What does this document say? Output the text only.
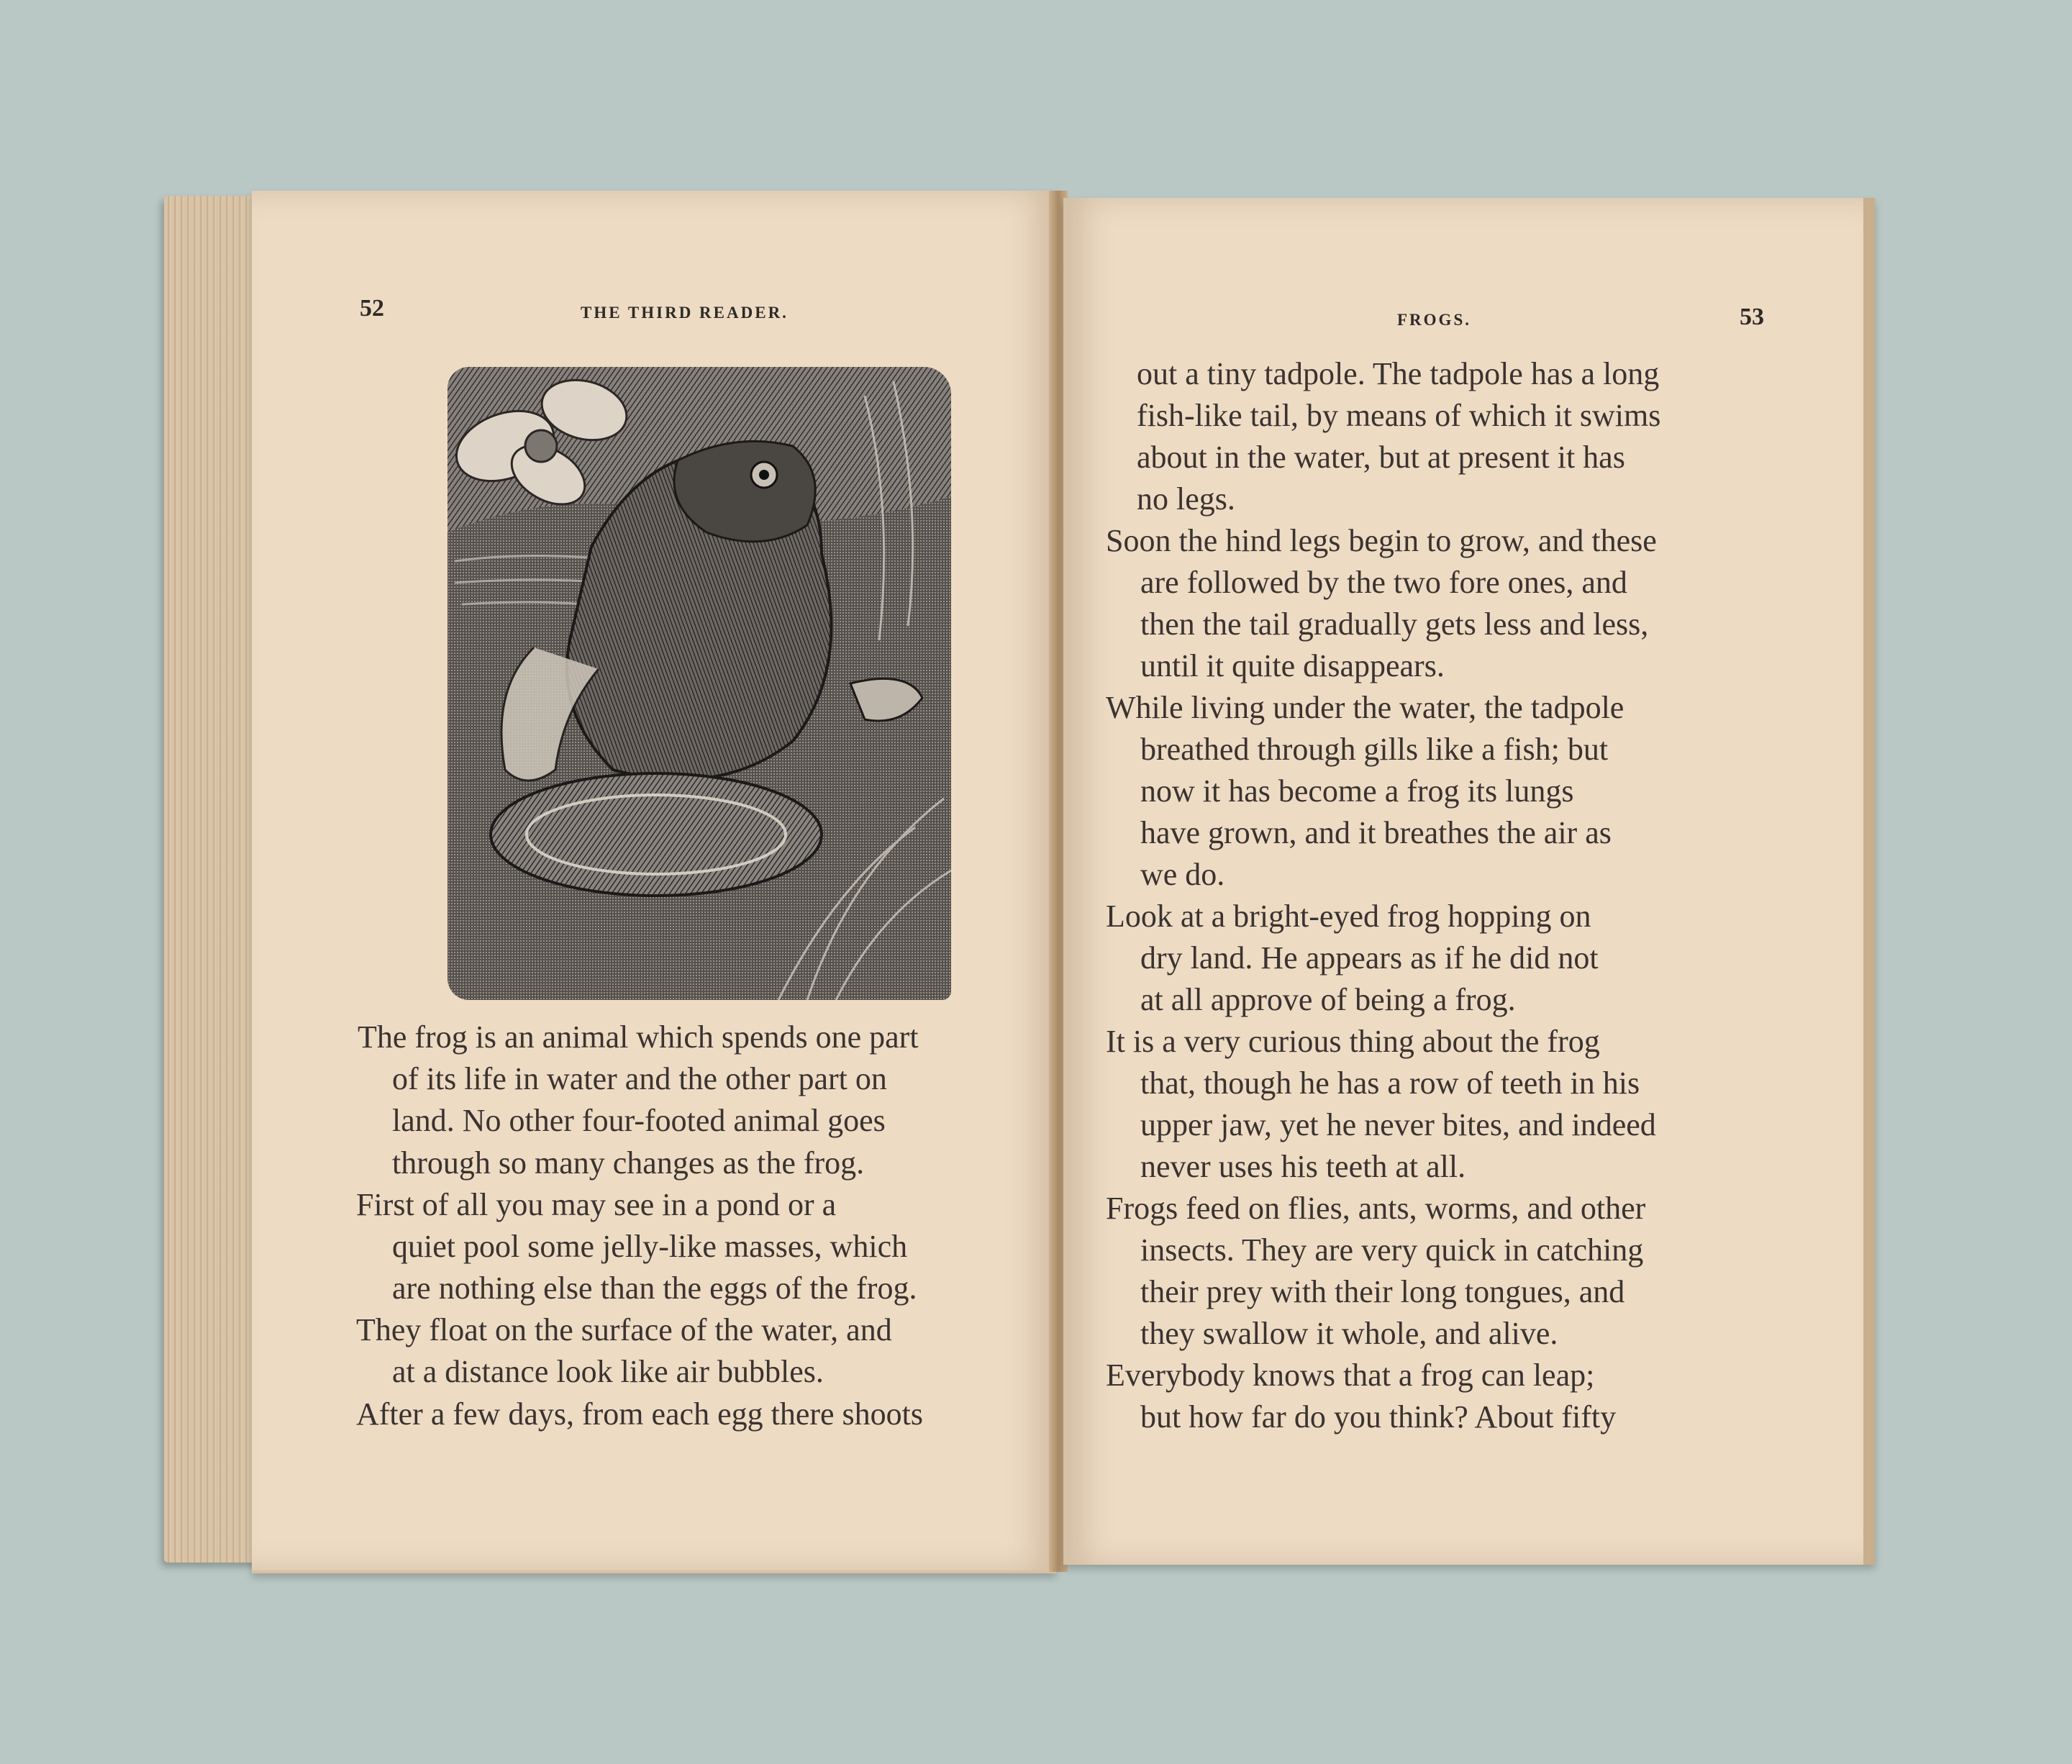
52	THE THIRD READER.
The frog is an animal which spends one part
of its life in water and the other part on
land. No other four-footed animal goes
through so many changes as the frog.
First of all you may see in a pond or a
quiet pool some jelly-like masses, which
are nothing else than the eggs of the frog.
They float on the surface of the water, and
at a distance look like air bubbles.
After a few days, from each egg there shoots
FROGS.	53
out a tiny tadpole. The tadpole has a long
fish-like tail, by means of which it swims
about in the water, but at present it has
no legs.
Soon the hind legs begin to grow, and these
are followed by the two fore ones, and
then the tail gradually gets less and less,
until it quite disappears.
While living under the water, the tadpole
breathed through gills like a fish; but
now it has become a frog its lungs
have grown, and it breathes the air as
we do.
Look at a bright-eyed frog hopping on
dry land. He appears as if he did not
at all approve of being a frog.
It is a very curious thing about the frog
that, though he has a row of teeth in his
upper jaw, yet he never bites, and indeed
never uses his teeth at all.
Frogs feed on flies, ants, worms, and other
insects. They are very quick in catching
their prey with their long tongues, and
they swallow it whole, and alive.
Everybody knows that a frog can leap;
but how far do you think? About fifty
